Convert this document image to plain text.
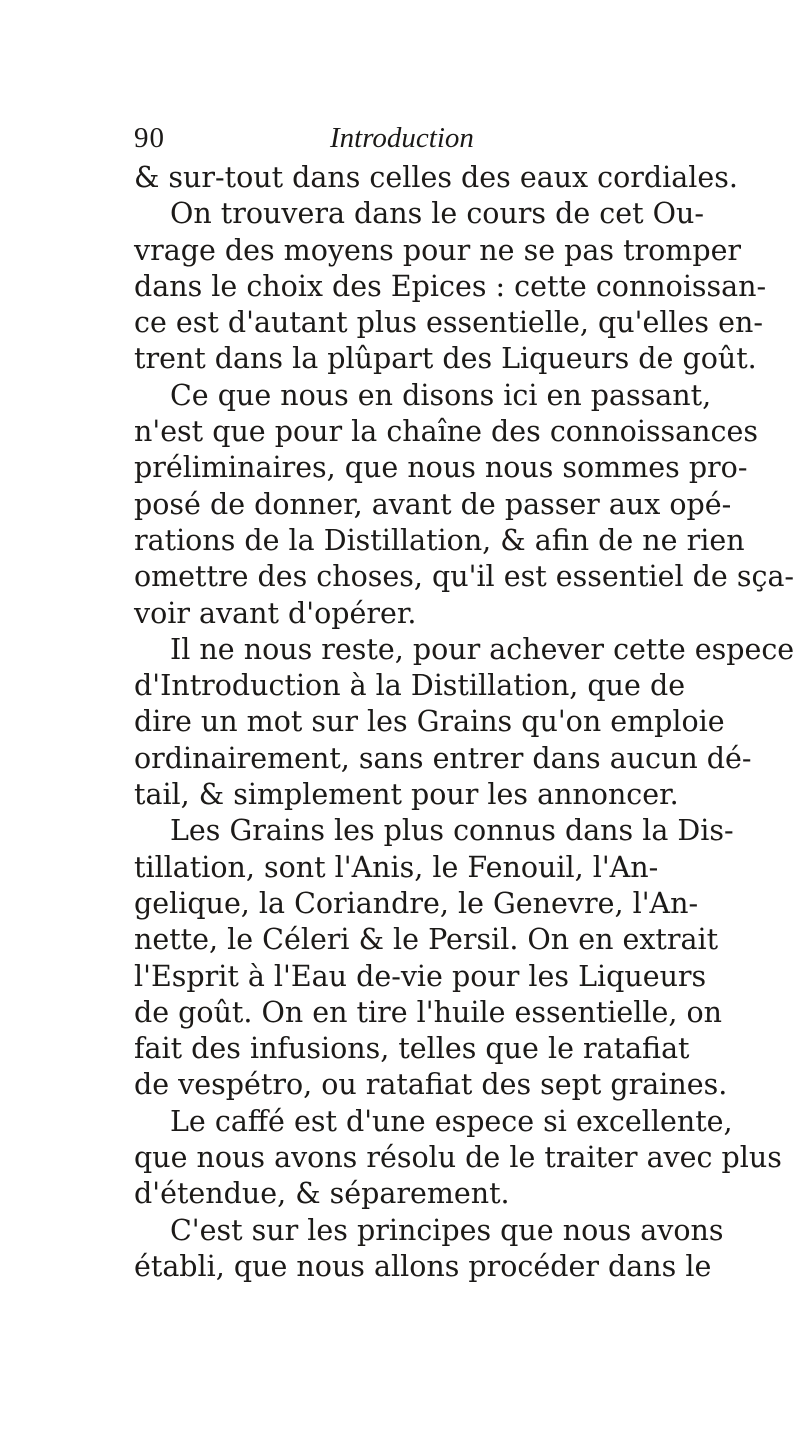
90	Introduction
& sur-tout dans celles des eaux cordiales.
On trouvera dans le cours de cet Ou-
vrage des moyens pour ne se pas tromper
dans le choix des Epices : cette connoissan-
ce est d'autant plus essentielle, qu'elles en-
trent dans la plûpart des Liqueurs de goût.
Ce que nous en disons ici en passant,
n'est que pour la chaîne des connoissances
préliminaires, que nous nous sommes pro-
posé de donner, avant de passer aux opé-
rations de la Distillation, & afin de ne rien
omettre des choses, qu'il est essentiel de sça-
voir avant d'opérer.
Il ne nous reste, pour achever cette espece
d'Introduction à la Distillation, que de
dire un mot sur les Grains qu'on emploie
ordinairement, sans entrer dans aucun dé-
tail, & simplement pour les annoncer.
Les Grains les plus connus dans la Dis-
tillation, sont l'Anis, le Fenouil, l'An-
gelique, la Coriandre, le Genevre, l'An-
nette, le Céleri & le Persil. On en extrait
l'Esprit à l'Eau de-vie pour les Liqueurs
de goût. On en tire l'huile essentielle, on
fait des infusions, telles que le ratafiat
de vespétro, ou ratafiat des sept graines.
Le caffé est d'une espece si excellente,
que nous avons résolu de le traiter avec plus
d'étendue, & séparement.
C'est sur les principes que nous avons
établi, que nous allons procéder dans le
